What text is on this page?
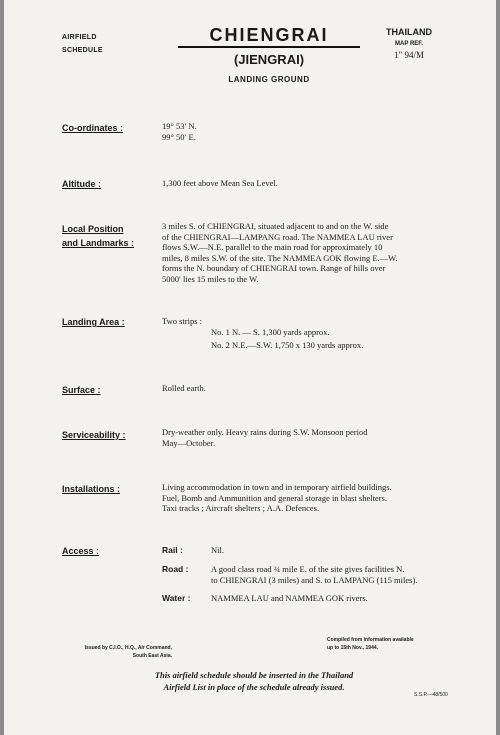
AIRFIELD
SCHEDULE
CHIENGRAI
(JIENGRAI)
LANDING GROUND
THAILAND
MAP REF.
1" 94/M
Co-ordinates :	19° 53′ N.
99° 50′ E.
Altitude :	1,300 feet above Mean Sea Level.
Local Position
and Landmarks :
3 miles S. of CHIENGRAI, situated adjacent to and on the W. side
of the CHIENGRAI—LAMPANG road. The NAMMEA LAU river
flows S.W.—N.E. parallel to the main road for approximately 10
miles, 8 miles S.W. of the site. The NAMMEA GOK flowing E.—W.
forms the N. boundary of CHIENGRAI town. Range of hills over
5000′ lies 15 miles to the W.
Landing Area :	Two strips :
No. 1 N. — S. 1,300 yards approx.
No. 2 N.E.—S.W. 1,750 x 130 yards approx.
Surface :	Rolled earth.
Serviceability :	Dry-weather only. Heavy rains during S.W. Monsoon period
May—October.
Installations :	Living accommodation in town and in temporary airfield buildings.
Fuel, Bomb and Ammunition and general storage in blast shelters.
Taxi tracks ; Aircraft shelters ; A.A. Defences.
Access :	Rail :	Nil.
Road :	A good class road ¾ mile E. of the site gives facilities N.
to CHIENGRAI (3 miles) and S. to LAMPANG (115 miles).
Water : NAMMEA LAU and NAMMEA GOK rivers.
Issued by C.I.O., H.Q., Air Command,
South East Asia.
Compiled from information available
up to 15th Nov., 1944.
This airfield schedule should be inserted in the Thailand
Airfield List in place of the schedule already issued.
S.S.P.—48/500
